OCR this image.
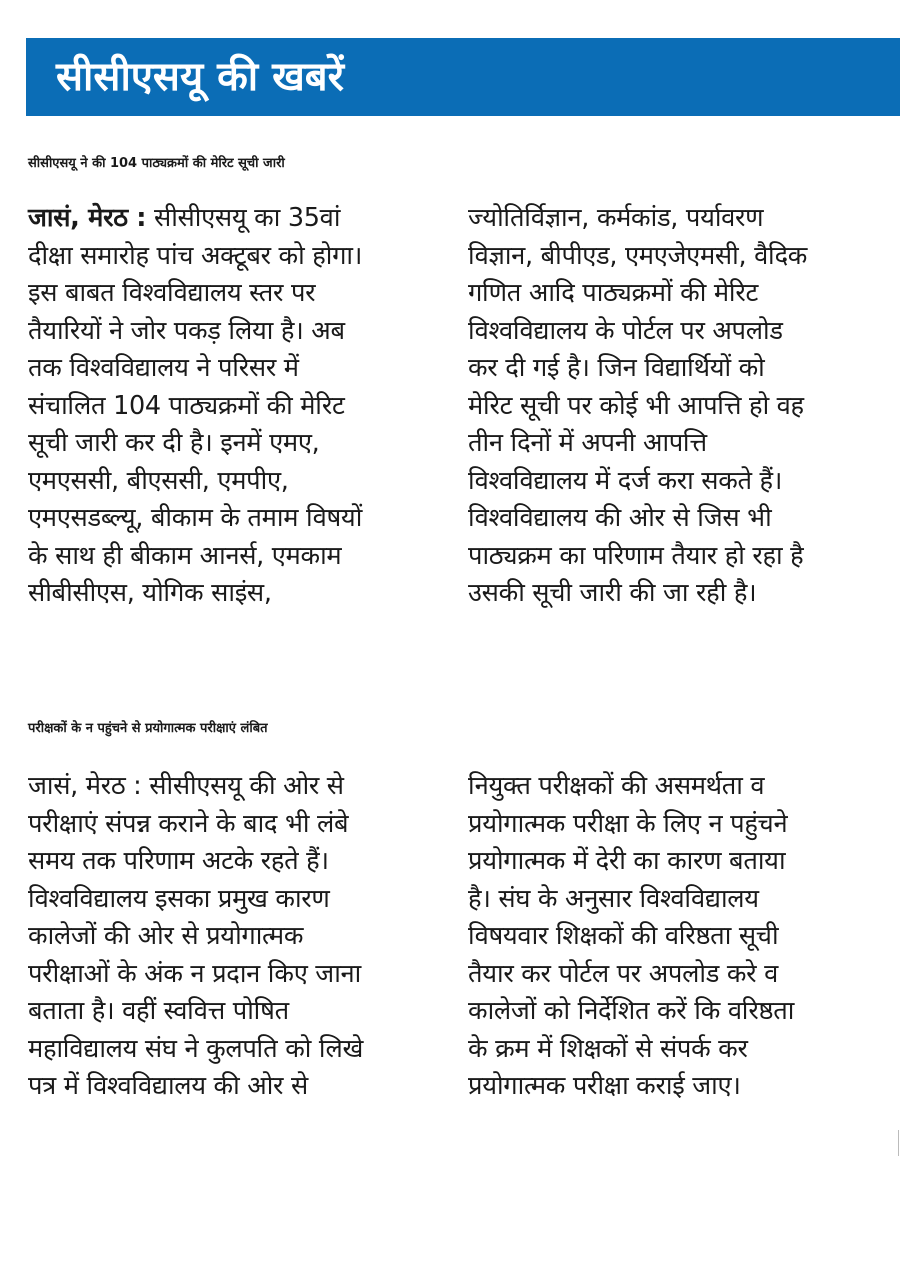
सीसीएसयू की खबरें
सीसीएसयू ने की 104 पाठ्यक्रमों की मेरिट सूची जारी
जासं, मेरठ : सीसीएसयू का 35वां
दीक्षा समारोह पांच अक्टूबर को होगा।
इस बाबत विश्वविद्यालय स्तर पर
तैयारियों ने जोर पकड़ लिया है। अब
तक विश्वविद्यालय ने परिसर में
संचालित 104 पाठ्यक्रमों की मेरिट
सूची जारी कर दी है। इनमें एमए,
एमएससी, बीएससी, एमपीए,
एमएसडब्ल्यू, बीकाम के तमाम विषयों
के साथ ही बीकाम आनर्स, एमकाम
सीबीसीएस, योगिक साइंस,
ज्योतिर्विज्ञान, कर्मकांड, पर्यावरण
विज्ञान, बीपीएड, एमएजेएमसी, वैदिक
गणित आदि पाठ्यक्रमों की मेरिट
विश्वविद्यालय के पोर्टल पर अपलोड
कर दी गई है। जिन विद्यार्थियों को
मेरिट सूची पर कोई भी आपत्ति हो वह
तीन दिनों में अपनी आपत्ति
विश्वविद्यालय में दर्ज करा सकते हैं।
विश्वविद्यालय की ओर से जिस भी
पाठ्यक्रम का परिणाम तैयार हो रहा है
उसकी सूची जारी की जा रही है।
परीक्षकों के न पहुंचने से प्रयोगात्मक परीक्षाएं लंबित
जासं, मेरठ : सीसीएसयू की ओर से
परीक्षाएं संपन्न कराने के बाद भी लंबे
समय तक परिणाम अटके रहते हैं।
विश्वविद्यालय इसका प्रमुख कारण
कालेजों की ओर से प्रयोगात्मक
परीक्षाओं के अंक न प्रदान किए जाना
बताता है। वहीं स्ववित्त पोषित
महाविद्यालय संघ ने कुलपति को लिखे
पत्र में विश्वविद्यालय की ओर से
नियुक्त परीक्षकों की असमर्थता व
प्रयोगात्मक परीक्षा के लिए न पहुंचने
प्रयोगात्मक में देरी का कारण बताया
है। संघ के अनुसार विश्वविद्यालय
विषयवार शिक्षकों की वरिष्ठता सूची
तैयार कर पोर्टल पर अपलोड करे व
कालेजों को निर्देशित करें कि वरिष्ठता
के क्रम में शिक्षकों से संपर्क कर
प्रयोगात्मक परीक्षा कराई जाए।
